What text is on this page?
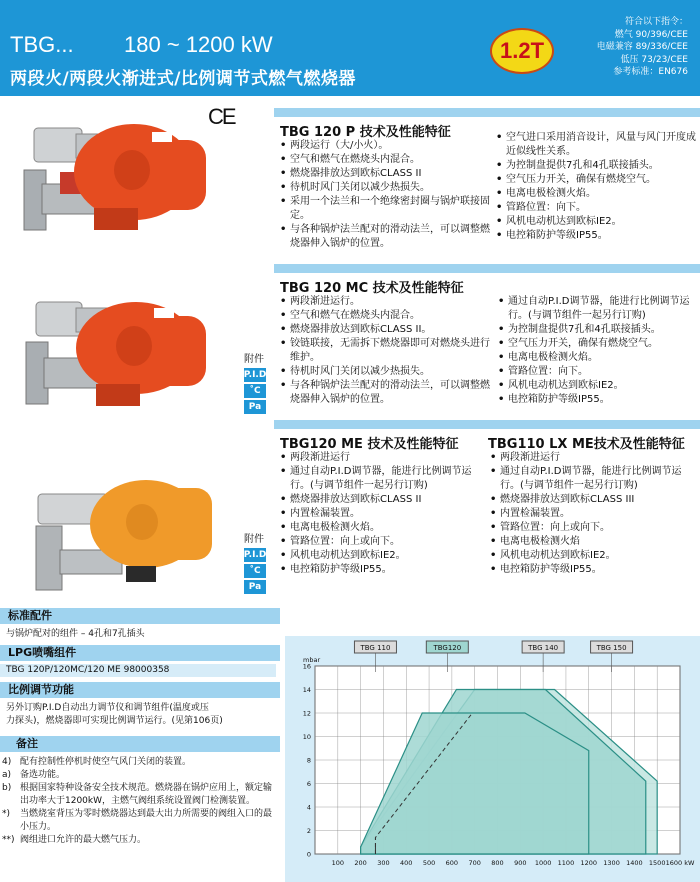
TBG... 180 ~ 1200 kW
两段火/两段火渐进式/比例调节式燃气燃烧器
1.2T
符合以下指令：
燃气 90/396/CEE
电磁兼容 89/336/CEE
低压 73/23/CEE
参考标准：EN676
CE
TBG 120 P 技术及性能特征
• 两段运行（大/小火）。
• 空气和燃气在燃烧头内混合。
• 燃烧器排放达到欧标CLASS II
• 待机时风门关闭以减少热损失。
• 采用一个法兰和一个绝缘密封圈与锅炉联接固定。
• 与各种锅炉法兰配对的滑动法兰，可以调整燃烧器伸入锅炉的位置。
• 空气进口采用消音设计，风量与风门开度成近似线性关系。
• 为控制盘提供7孔和4孔联接插头。
• 空气压力开关，确保有燃烧空气。
• 电离电极检测火焰。
• 管路位置：向下。
• 风机电动机达到欧标IE2。
• 电控箱防护等级IP55。
TBG 120 MC 技术及性能特征
• 两段渐进运行。
• 空气和燃气在燃烧头内混合。
• 燃烧器排放达到欧标CLASS II。
• 铰链联接，无需拆下燃烧器即可对燃烧头进行维护。
• 待机时风门关闭以减少热损失。
• 与各种锅炉法兰配对的滑动法兰，可以调整燃烧器伸入锅炉的位置。
• 通过自动P.I.D调节器，能进行比例调节运行。(与调节组件一起另行订购)
• 为控制盘提供7孔和4孔联接插头。
• 空气压力开关，确保有燃烧空气。
• 电离电极检测火焰。
• 管路位置：向下。
• 风机电动机达到欧标IE2。
• 电控箱防护等级IP55。
TBG120 ME 技术及性能特征 TBG110 LX ME技术及性能特征
• 两段渐进运行
• 通过自动P.I.D调节器，能进行比例调节运行。(与调节组件一起另行订购)
• 燃烧器排放达到欧标CLASS II
• 内置检漏装置。
• 电离电极检测火焰。
• 管路位置：向上或向下。
• 风机电动机达到欧标IE2。
• 电控箱防护等级IP55。
• 两段渐进运行
• 通过自动P.I.D调节器，能进行比例调节运行。(与调节组件一起另行订购)
• 燃烧器排放达到欧标CLASS III
• 内置检漏装置。
• 管路位置：向上或向下。
• 电离电极检测火焰
• 风机电动机达到欧标IE2。
• 电控箱防护等级IP55。
附件
P.I.D
˚C
Pa
附件
P.I.D
˚C
Pa
标准配件
与锅炉配对的组件 – 4孔和7孔插头
LPG喷嘴组件
TBG 120P/120MC/120 ME 98000358
比例调节功能
另外订购P.I.D自动出力调节仪和调节组件(温度或压
力探头)，燃烧器即可实现比例调节运行。(见第106页)
备注
4) 配有控制性停机时使空气风门关闭的装置。
a) 备选功能。
b) 根据国家特种设备安全技术规范。燃烧器在锅炉应用上，额定输出功率大于1200kW，主燃气阀组系统设置阀门检测装置。
*)	当燃烧室背压为零时燃烧器达到最大出力所需要的阀组入口的最小压力。
**) 阀组进口允许的最大燃气压力。
TBG 110	TBG120	TBG 140	TBG 150
100 200 300 400 500 600 700 800 900 1000 1100 1200 1300 1400 1500 1600 kW
0
2
4
6
8
10
12
14
16
mbar
